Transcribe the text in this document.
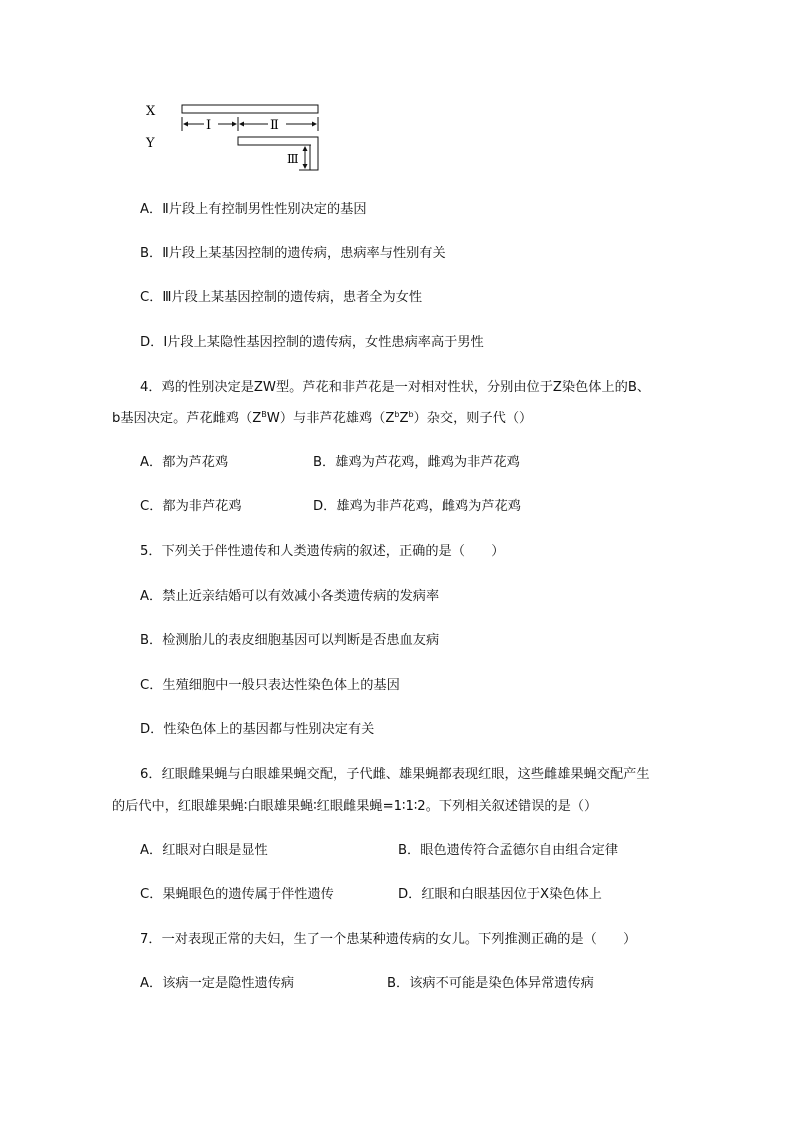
X
Y
Ⅰ	Ⅱ
Ⅲ
A．Ⅱ片段上有控制男性性别决定的基因
B．Ⅱ片段上某基因控制的遗传病，患病率与性别有关
C．Ⅲ片段上某基因控制的遗传病，患者全为女性
D．Ⅰ片段上某隐性基因控制的遗传病，女性患病率高于男性
4．鸡的性别决定是ZW型。芦花和非芦花是一对相对性状，分别由位于Z染色体上的B、
b基因决定。芦花雌鸡$(Z^BW)$与非芦花雄鸡$(Z^bZ^b)$杂交，则子代（）
A．都为芦花鸡	B．雄鸡为芦花鸡，雌鸡为非芦花鸡
C．都为非芦花鸡	D．雄鸡为非芦花鸡，雌鸡为芦花鸡
5．下列关于伴性遗传和人类遗传病的叙述，正确的是（　　）
A．禁止近亲结婚可以有效减小各类遗传病的发病率
B．检测胎儿的表皮细胞基因可以判断是否患血友病
C．生殖细胞中一般只表达性染色体上的基因
D．性染色体上的基因都与性别决定有关
6．红眼雌果蝇与白眼雄果蝇交配，子代雌、雄果蝇都表现红眼，这些雌雄果蝇交配产生
的后代中，红眼雄果蝇∶白眼雄果蝇∶红眼雌果蝇=1∶1∶2。下列相关叙述错误的是（）
A．红眼对白眼是显性	B．眼色遗传符合孟德尔自由组合定律
C．果蝇眼色的遗传属于伴性遗传	D．红眼和白眼基因位于X染色体上
7．一对表现正常的夫妇，生了一个患某种遗传病的女儿。下列推测正确的是（　　）
A．该病一定是隐性遗传病	B．该病不可能是染色体异常遗传病
